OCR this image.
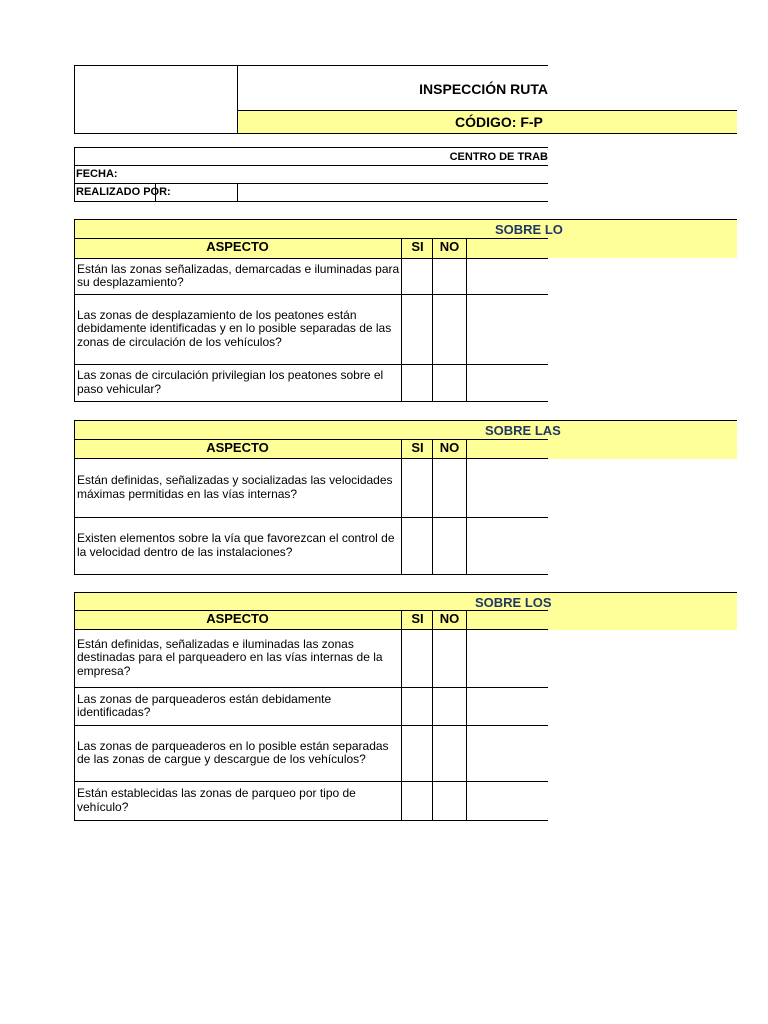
INSPECCIÓN RUTA
CÓDIGO: F-P
CENTRO DE TRAB
FECHA:
REALIZADO POR:
SOBRE LO
ASPECTO	SI	NO
Están las zonas señalizadas, demarcadas e iluminadas para su desplazamiento?
Las zonas de desplazamiento de los peatones están debidamente identificadas y en lo posible separadas de las zonas de circulación de los vehículos?
Las zonas de circulación privilegian los peatones sobre el paso vehicular?
SOBRE LAS
ASPECTO	SI	NO
Están definidas, señalizadas y socializadas las velocidades máximas permitidas en las vías internas?
Existen elementos sobre la vía que favorezcan el control de la velocidad dentro de las instalaciones?
SOBRE LOS
ASPECTO	SI	NO
Están definidas, señalizadas e iluminadas las zonas destinadas para el parqueadero en las vías internas de la empresa?
Las zonas de parqueaderos están debidamente identificadas?
Las zonas de parqueaderos en lo posible están separadas de las zonas de cargue y descargue de los vehículos?
Están establecidas las zonas de parqueo por tipo de vehículo?
